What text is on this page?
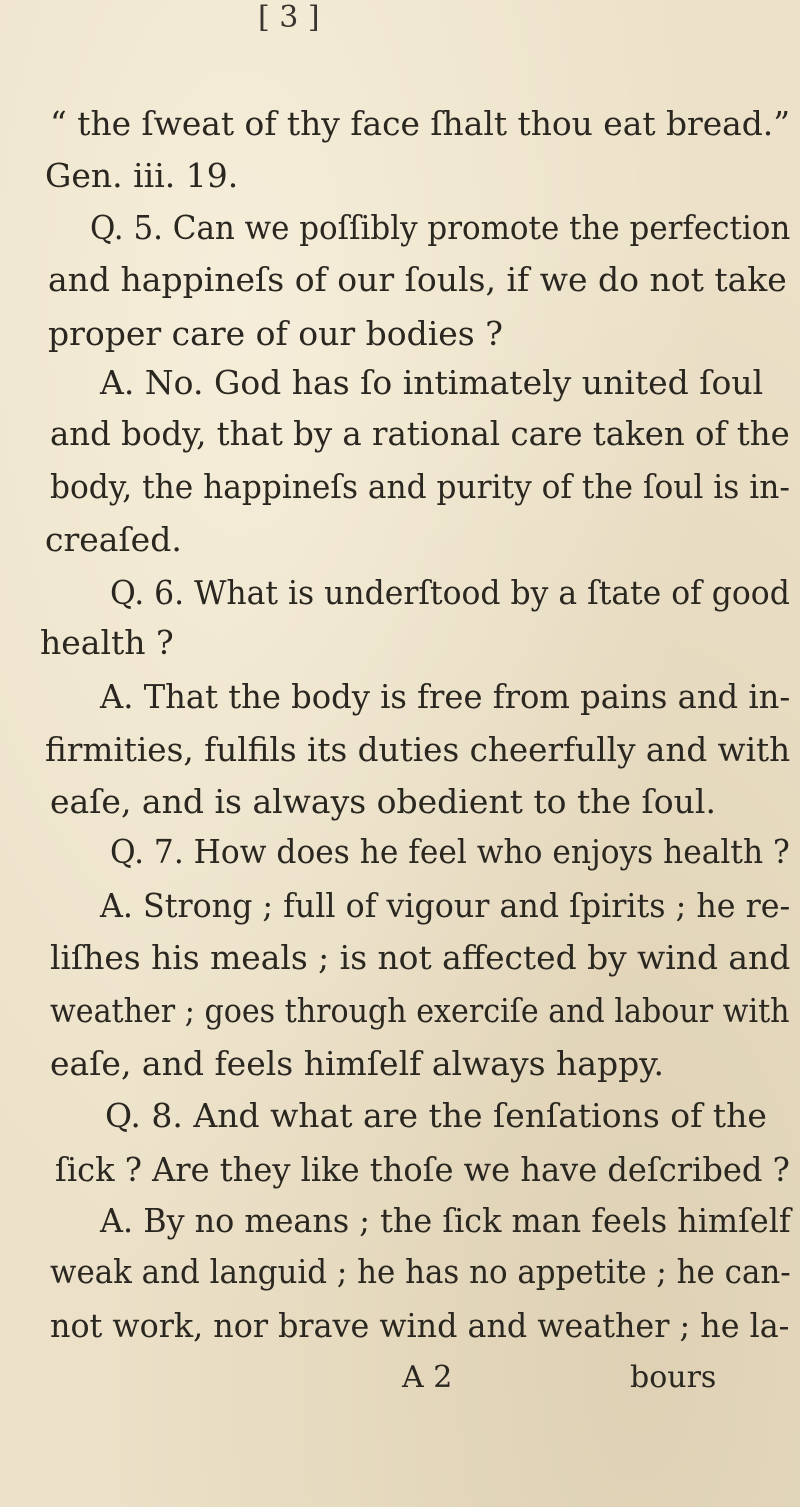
[ 3 ]
“ the ſweat of thy face ſhalt thou eat bread.”
Gen. iii. 19.
Q. 5. Can we poſſibly promote the perfection
and happineſs of our ſouls, if we do not take
proper care of our bodies ?
A. No. God has ſo intimately united ſoul
and body, that by a rational care taken of the
body, the happineſs and purity of the ſoul is in-
creaſed.
Q. 6. What is underſtood by a ſtate of good
health ?
A. That the body is free from pains and in-
firmities, fulfils its duties cheerfully and with
eaſe, and is always obedient to the ſoul.
Q. 7. How does he feel who enjoys health ?
A. Strong ; full of vigour and ſpirits ; he re-
liſhes his meals ; is not affected by wind and
weather ; goes through exerciſe and labour with
eaſe, and feels himſelf always happy.
Q. 8. And what are the ſenſations of the
ſick ? Are they like thoſe we have deſcribed ?
A. By no means ; the ſick man feels himſelf
weak and languid ; he has no appetite ; he can-
not work, nor brave wind and weather ; he la-
A 2	bours
